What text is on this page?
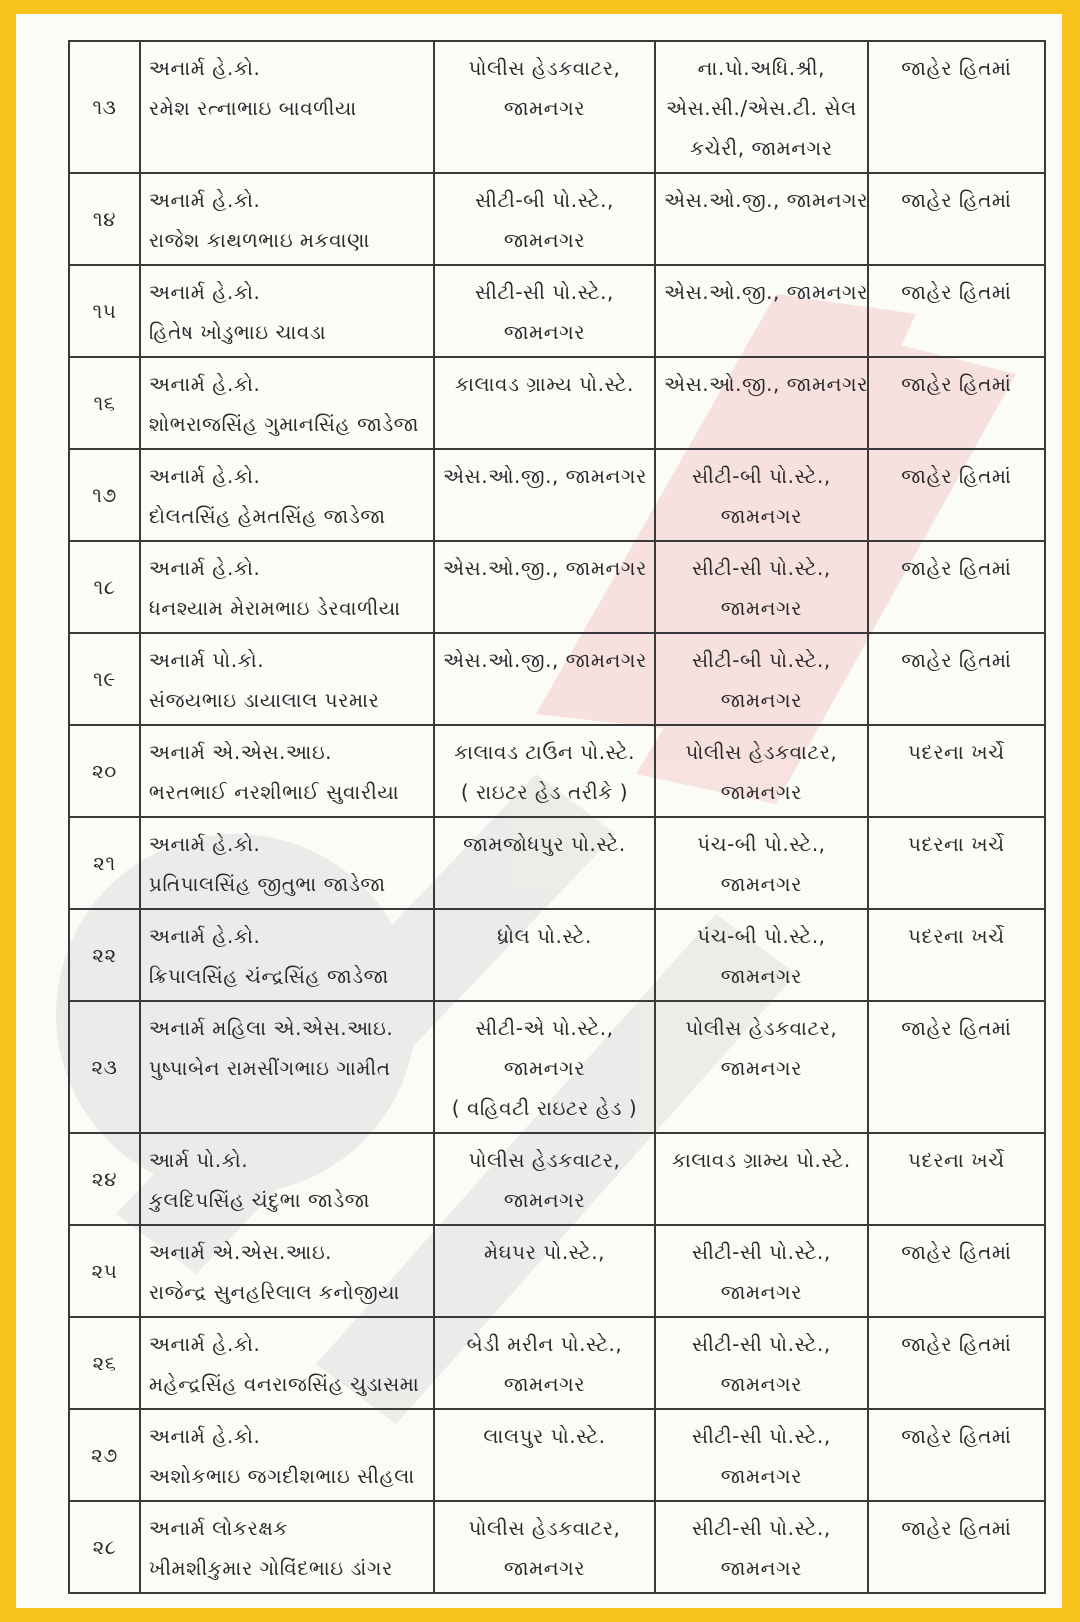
૧૩	અનાર્મ હે.કો.
રમેશ રત્નાભાઇ બાવળીયા	પોલીસ હેડકવાટર,
જામનગર	ના.પો.અધિ.શ્રી,
એસ.સી./એસ.ટી. સેલ
કચેરી, જામનગર	જાહેર હિતમાં

૧૪	અનાર્મ હે.કો.
રાજેશ કાથળભાઇ મકવાણા	સીટી-બી પો.સ્ટે.,
જામનગર	એસ.ઓ.જી., જામનગર	જાહેર હિતમાં

૧૫	અનાર્મ હે.કો.
હિતેષ ખોડુભાઇ ચાવડા	સીટી-સી પો.સ્ટે.,
જામનગર	એસ.ઓ.જી., જામનગર	જાહેર હિતમાં

૧૬	અનાર્મ હે.કો.
શોભરાજસિંહ ગુમાનસિંહ જાડેજા	કાલાવડ ગ્રામ્ય પો.સ્ટે.	એસ.ઓ.જી., જામનગર	જાહેર હિતમાં

૧૭	અનાર્મ હે.કો.
દોલતસિંહ હેમતસિંહ જાડેજા	એસ.ઓ.જી., જામનગર	સીટી-બી પો.સ્ટે.,
જામનગર	જાહેર હિતમાં

૧૮	અનાર્મ હે.કો.
ધનશ્યામ મેરામભાઇ ડેરવાળીયા	એસ.ઓ.જી., જામનગર	સીટી-સી પો.સ્ટે.,
જામનગર	જાહેર હિતમાં

૧૯	અનાર્મ પો.કો.
સંજયભાઇ ડાયાલાલ પરમાર	એસ.ઓ.જી., જામનગર	સીટી-બી પો.સ્ટે.,
જામનગર	જાહેર હિતમાં

૨૦	અનાર્મ એ.એસ.આઇ.
ભરતભાઈ નરશીભાઈ સુવારીયા	કાલાવડ ટાઉન પો.સ્ટે.
( રાઇટર હેડ તરીકે )	પોલીસ હેડકવાટર,
જામનગર	પદરના ખર્ચે

૨૧	અનાર્મ હે.કો.
પ્રતિપાલસિંહ જીતુભા જાડેજા	જામજોધપુર પો.સ્ટે.	પંચ-બી પો.સ્ટે.,
જામનગર	પદરના ખર્ચે

૨૨	અનાર્મ હે.કો.
ક્રિપાલસિંહ ચંન્દ્રસિંહ જાડેજા	ધ્રોલ પો.સ્ટે.	પંચ-બી પો.સ્ટે.,
જામનગર	પદરના ખર્ચે

૨૩	અનાર્મ મહિલા એ.એસ.આઇ.
પુષ્પાબેન રામસીંગભાઇ ગામીત	સીટી-એ પો.સ્ટે.,
જામનગર
( વહિવટી રાઇટર હેડ )	પોલીસ હેડકવાટર,
જામનગર	જાહેર હિતમાં

૨૪	આર્મ પો.કો.
કુલદિપસિંહ ચંદુભા જાડેજા	પોલીસ હેડકવાટર,
જામનગર	કાલાવડ ગ્રામ્ય પો.સ્ટે.	પદરના ખર્ચે

૨૫	અનાર્મ એ.એસ.આઇ.
રાજેન્દ્ર સુનહરિલાલ કનોજીયા	મેઘપર પો.સ્ટે.,	સીટી-સી પો.સ્ટે.,
જામનગર	જાહેર હિતમાં

૨૬	અનાર્મ હે.કો.
મહેન્દ્રસિંહ વનરાજસિંહ ચુડાસમા	બેડી મરીન પો.સ્ટે.,
જામનગર	સીટી-સી પો.સ્ટે.,
જામનગર	જાહેર હિતમાં

૨૭	અનાર્મ હે.કો.
અશોકભાઇ જગદીશભાઇ સીહલા	લાલપુર પો.સ્ટે.	સીટી-સી પો.સ્ટે.,
જામનગર	જાહેર હિતમાં

૨૮	અનાર્મ લોકરક્ષક
ખીમશીકુમાર ગોવિંદભાઇ ડાંગર	પોલીસ હેડકવાટર,
જામનગર	સીટી-સી પો.સ્ટે.,
જામનગર	જાહેર હિતમાં
